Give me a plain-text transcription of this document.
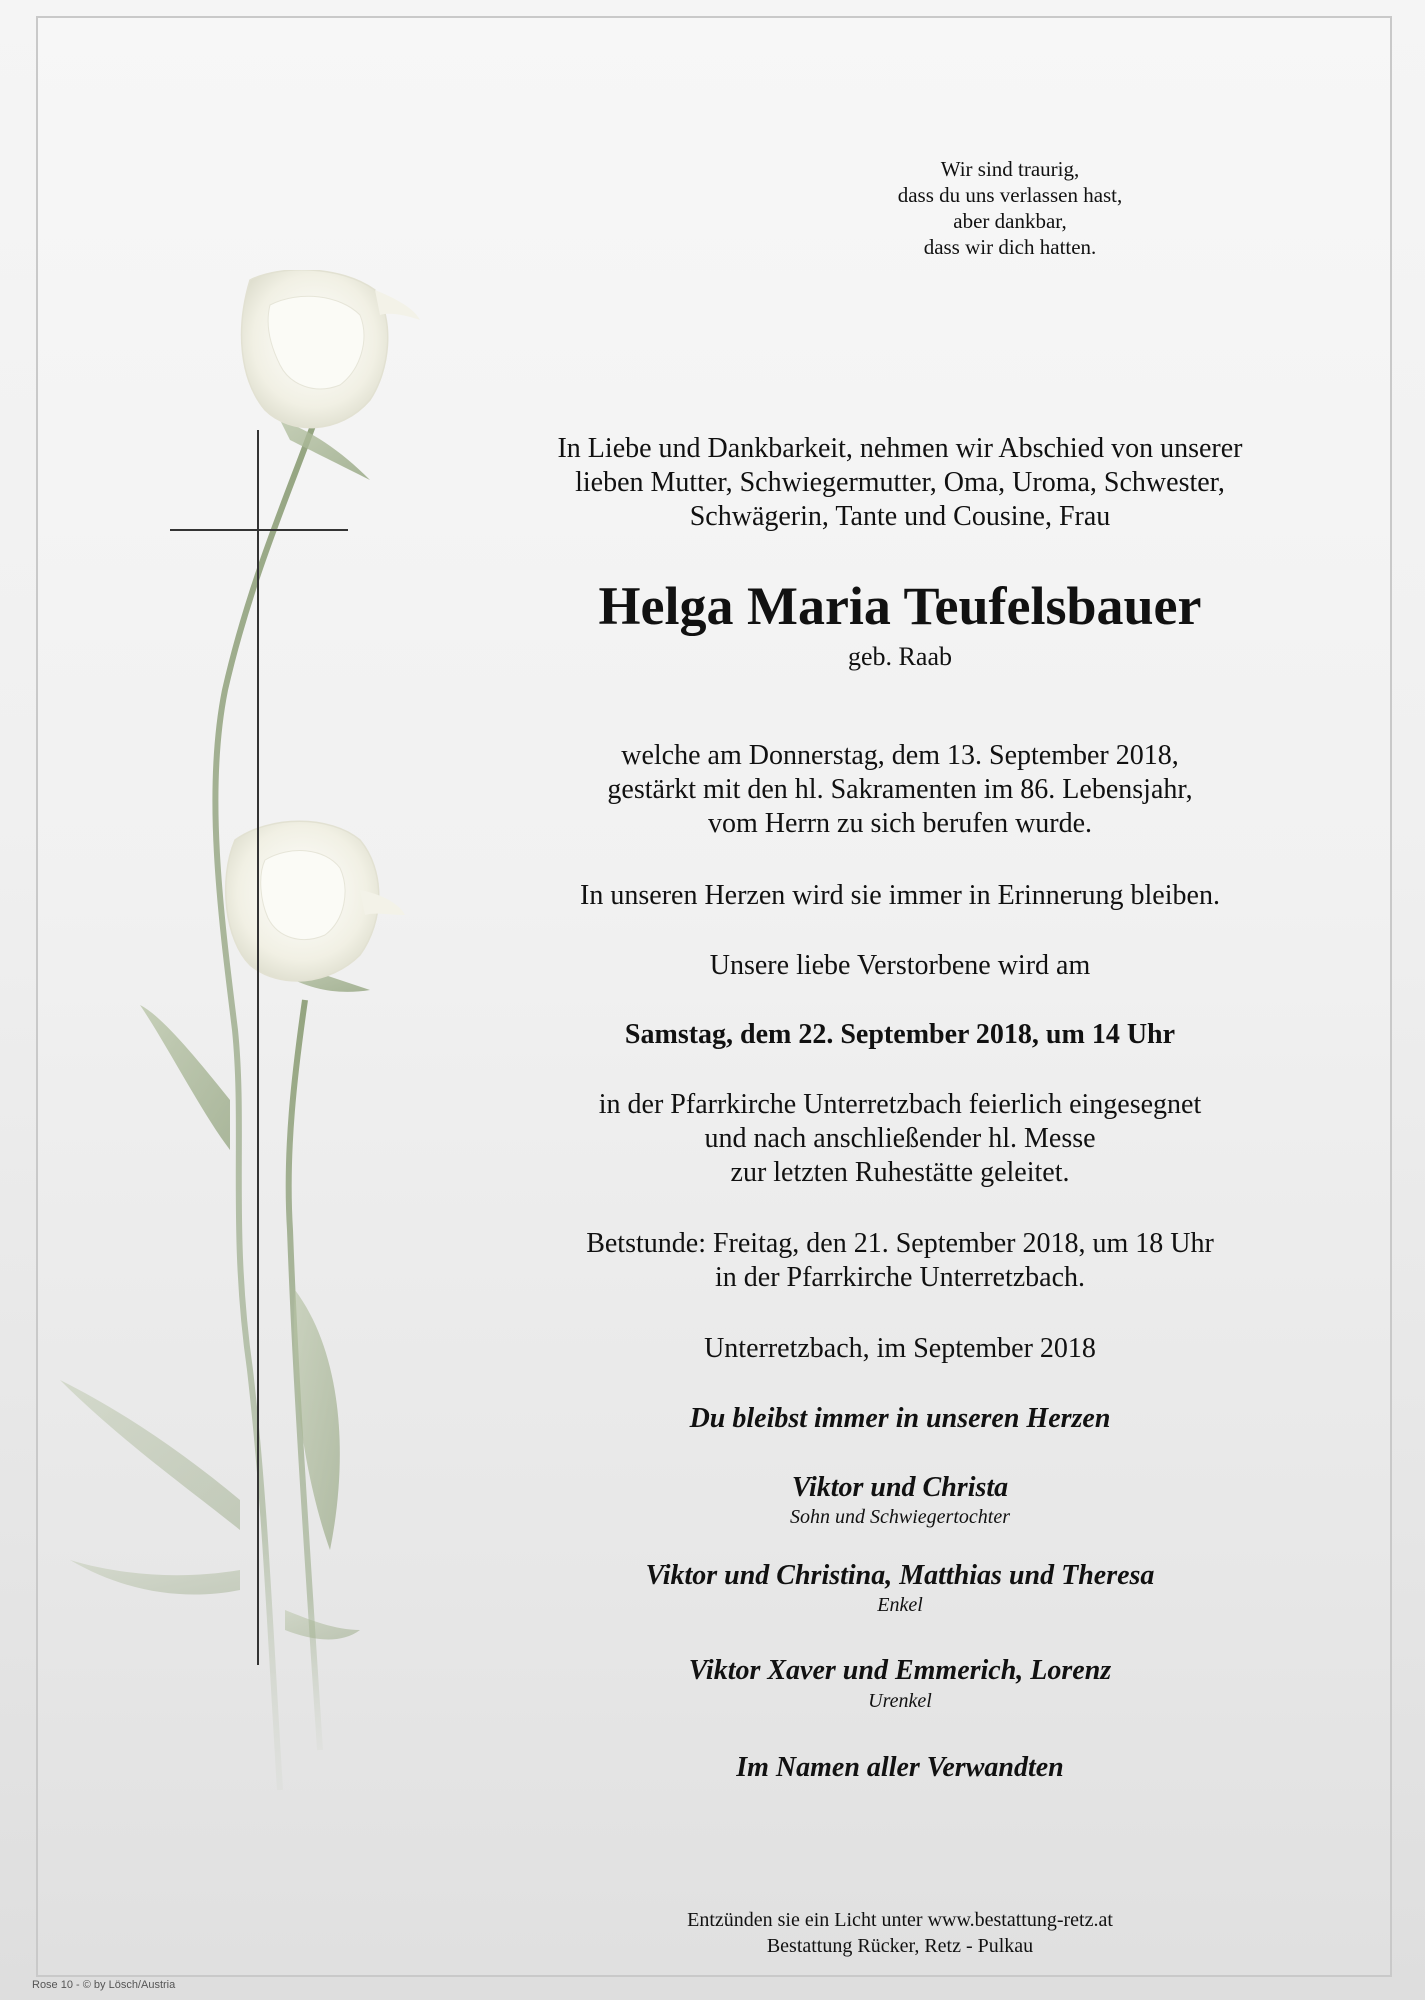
Wir sind traurig,
dass du uns verlassen hast,
aber dankbar,
dass wir dich hatten.
In Liebe und Dankbarkeit, nehmen wir Abschied von unserer
lieben Mutter, Schwiegermutter, Oma, Uroma, Schwester,
Schwägerin, Tante und Cousine, Frau
Helga Maria Teufelsbauer
geb. Raab
welche am Donnerstag, dem 13. September 2018,
gestärkt mit den hl. Sakramenten im 86. Lebensjahr,
vom Herrn zu sich berufen wurde.
In unseren Herzen wird sie immer in Erinnerung bleiben.
Unsere liebe Verstorbene wird am
Samstag, dem 22. September 2018, um 14 Uhr
in der Pfarrkirche Unterretzbach feierlich eingesegnet
und nach anschließender hl. Messe
zur letzten Ruhestätte geleitet.
Betstunde: Freitag, den 21. September 2018, um 18 Uhr
in der Pfarrkirche Unterretzbach.
Unterretzbach, im September 2018
Du bleibst immer in unseren Herzen
Viktor und Christa
Sohn und Schwiegertochter
Viktor und Christina, Matthias und Theresa
Enkel
Viktor Xaver und Emmerich, Lorenz
Urenkel
Im Namen aller Verwandten
Entzünden sie ein Licht unter www.bestattung-retz.at
Bestattung Rücker, Retz - Pulkau
Rose 10 - © by Lösch/Austria
